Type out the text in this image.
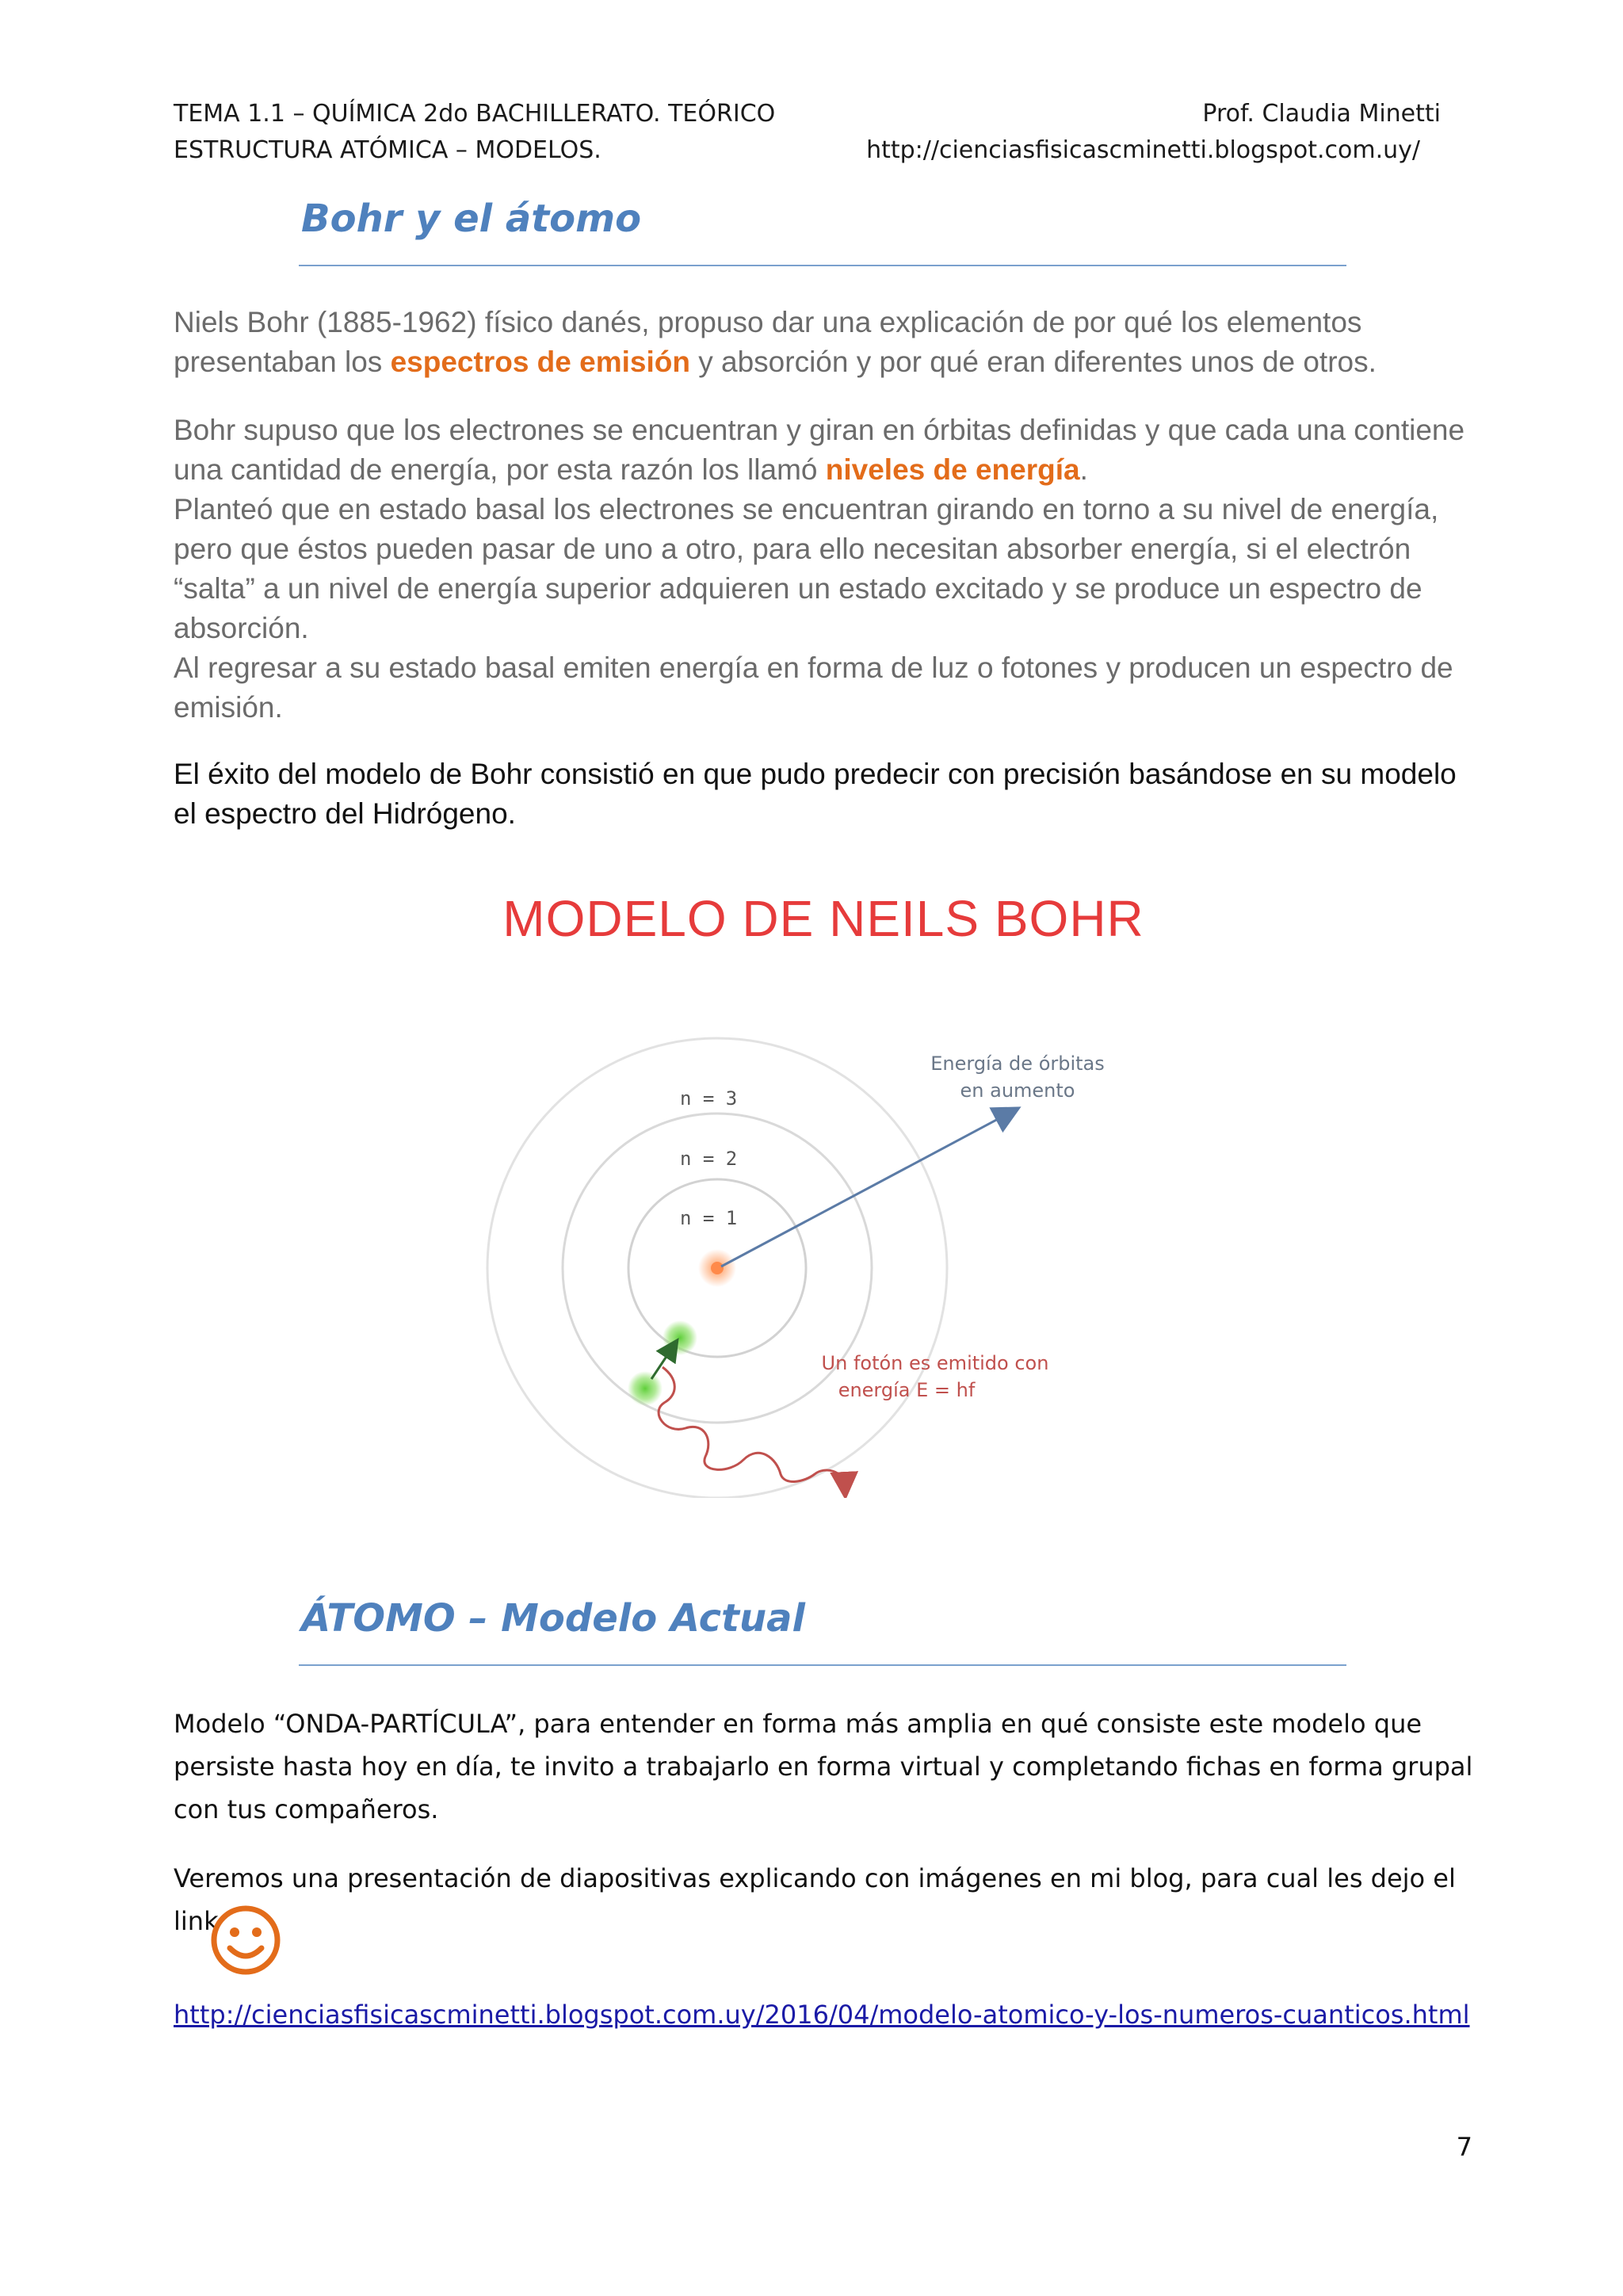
TEMA 1.1 – QUÍMICA 2do BACHILLERATO. TEÓRICO
ESTRUCTURA ATÓMICA – MODELOS.
Prof. Claudia Minetti
http://cienciasfisicascminetti.blogspot.com.uy/
Bohr y el átomo

Niels Bohr (1885-1962) físico danés, propuso dar una explicación de por qué los elementos presentaban los espectros de emisión y absorción y por qué eran diferentes unos de otros.

Bohr supuso que los electrones se encuentran y giran en órbitas definidas y que cada una contiene una cantidad de energía, por esta razón los llamó niveles de energía.

Planteó que en estado basal los electrones se encuentran girando en torno a su nivel de energía, pero que éstos pueden pasar de uno a otro, para ello necesitan absorber energía, si el electrón “salta” a un nivel de energía superior adquieren un estado excitado y se produce un espectro de absorción.

Al regresar a su estado basal emiten energía en forma de luz o fotones y producen un espectro de emisión.

El éxito del modelo de Bohr consistió en que pudo predecir con precisión basándose en su modelo el espectro del Hidrógeno.

MODELO DE NEILS BOHR
n = 3
n = 2
n = 1
Energía de órbitas
en aumento
Un fotón es emitido con
energía E = hf
ÁTOMO – Modelo Actual

Modelo “ONDA-PARTÍCULA”, para entender en forma más amplia en qué consiste este modelo que persiste hasta hoy en día, te invito a trabajarlo en forma virtual y completando fichas en forma grupal con tus compañeros.

Veremos una presentación de diapositivas explicando con imágenes en mi blog, para cual les dejo el link

http://cienciasfisicascminetti.blogspot.com.uy/2016/04/modelo-atomico-y-los-numeros-cuanticos.html
7
